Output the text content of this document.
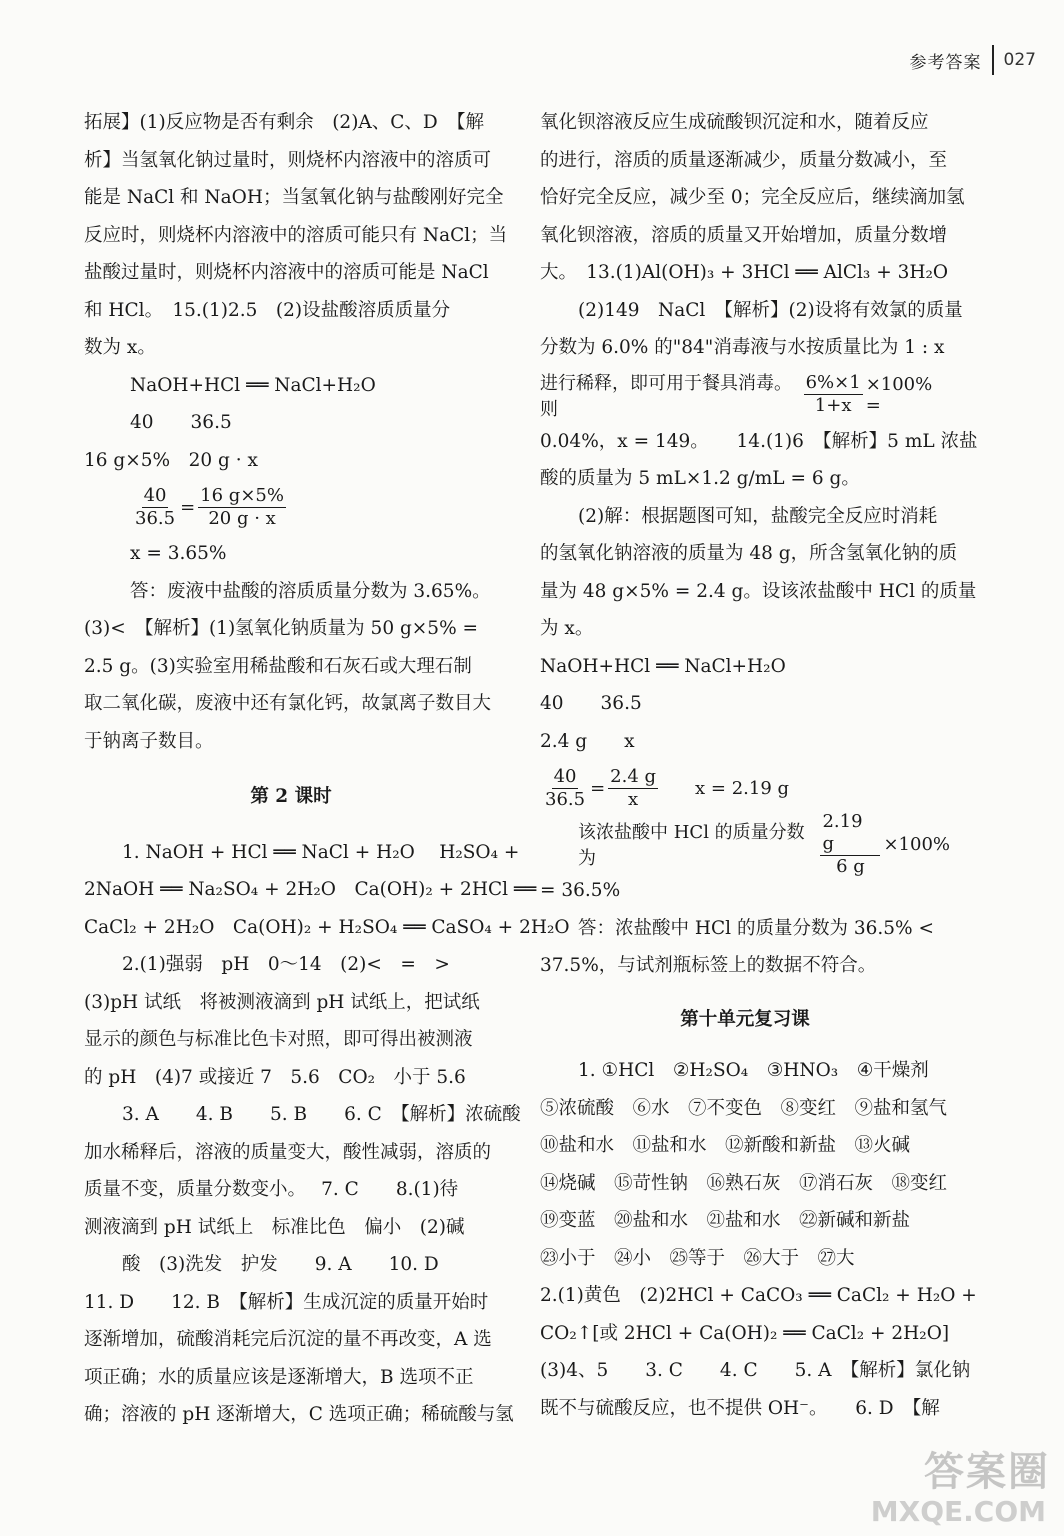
参考答案 027
拓展】(1)反应物是否有剩余　(2)A、C、D　【解
析】当氢氧化钠过量时，则烧杯内溶液中的溶质可
能是 NaCl 和 NaOH；当氢氧化钠与盐酸刚好完全
反应时，则烧杯内溶液中的溶质可能只有 NaCl；当
盐酸过量时，则烧杯内溶液中的溶质可能是 NaCl
和 HCl。　15.(1)2.5　(2)设盐酸溶质质量分
数为 x。
NaOH+HCl ══ NaCl+H₂O
40　　36.5
16 g×5%　20 g · x
$\frac{40}{36.5} = \frac{16 g\times 5\%}{20 g \cdot x}$
x = 3.65%
答：废液中盐酸的溶质质量分数为 3.65%。
(3)<　【解析】(1)氢氧化钠质量为 50 g×5% =
2.5 g。(3)实验室用稀盐酸和石灰石或大理石制
取二氧化碳，废液中还有氯化钙，故氯离子数目大
于钠离子数目。
第 2 课时
1. NaOH + HCl ══ NaCl + H₂O　 H₂SO₄ +
2NaOH ══ Na₂SO₄ + 2H₂O　Ca(OH)₂ + 2HCl ══
CaCl₂ + 2H₂O　Ca(OH)₂ + H₂SO₄ ══ CaSO₄ + 2H₂O
2.(1)强弱　pH　0～14　(2)<　=　>
(3)pH 试纸　将被测液滴到 pH 试纸上，把试纸
显示的颜色与标准比色卡对照，即可得出被测液
的 pH　(4)7 或接近 7　5.6　CO₂　小于 5.6
3. A　　4. B　　5. B　　6. C　【解析】浓硫酸
加水稀释后，溶液的质量变大，酸性减弱，溶质的
质量不变，质量分数变小。　 7. C　　8.(1)待
测液滴到 pH 试纸上　标准比色　偏小　(2)碱
酸　(3)洗发　护发　　9. A　　10. D
11. D　　12. B　【解析】生成沉淀的质量开始时
逐渐增加，硫酸消耗完后沉淀的量不再改变，A 选
项正确；水的质量应该是逐渐增大，B 选项不正
确；溶液的 pH 逐渐增大，C 选项正确；稀硫酸与氢
氧化钡溶液反应生成硫酸钡沉淀和水，随着反应
的进行，溶质的质量逐渐减少，质量分数减小，至
恰好完全反应，减少至 0；完全反应后，继续滴加氢
氧化钡溶液，溶质的质量又开始增加，质量分数增
大。　13.(1)Al(OH)₃ + 3HCl ══ AlCl₃ + 3H₂O
(2)149　NaCl　【解析】(2)设将有效氯的质量
分数为 6.0% 的"84"消毒液与水按质量比为 1 : x
进行稀释，即可用于餐具消毒。则	$\frac{6\%\times 1}{1+x} \times 100\%$ =
0.04%，x = 149。　　14.(1)6　【解析】5 mL 浓盐
酸的质量为 5 mL×1.2 g/mL = 6 g。
(2)解：根据题图可知，盐酸完全反应时消耗
的氢氧化钠溶液的质量为 48 g，所含氢氧化钠的质
量为 48 g×5% = 2.4 g。设该浓盐酸中 HCl 的质量
为 x。
NaOH+HCl ══ NaCl+H₂O
40　　36.5
2.4 g　　x
$\frac{40}{36.5} = \frac{2.4 g}{x}$ x = 2.19 g
该浓盐酸中 HCl 的质量分数为	$\frac{2.19 g}{6 g} \times 100\%$
= 36.5%
答：浓盐酸中 HCl 的质量分数为 36.5% <
37.5%，与试剂瓶标签上的数据不符合。
第十单元复习课
1. ①HCl　②H₂SO₄　③HNO₃　④干燥剂
⑤浓硫酸　⑥水　⑦不变色　⑧变红　⑨盐和氢气
⑩盐和水　⑪盐和水　⑫新酸和新盐　⑬火碱
⑭烧碱　⑮苛性钠　⑯熟石灰　⑰消石灰　⑱变红
⑲变蓝　⑳盐和水　㉑盐和水　㉒新碱和新盐
㉓小于　㉔小　㉕等于　㉖大于　㉗大
2.(1)黄色　(2)2HCl + CaCO₃ ══ CaCl₂ + H₂O +
CO₂↑[或 2HCl + Ca(OH)₂ ══ CaCl₂ + 2H₂O]
(3)4、5　　3. C　　4. C　　5. A　【解析】氯化钠
既不与硫酸反应，也不提供 OH⁻。　　6. D　【解
答案圈
MXQE.COM
